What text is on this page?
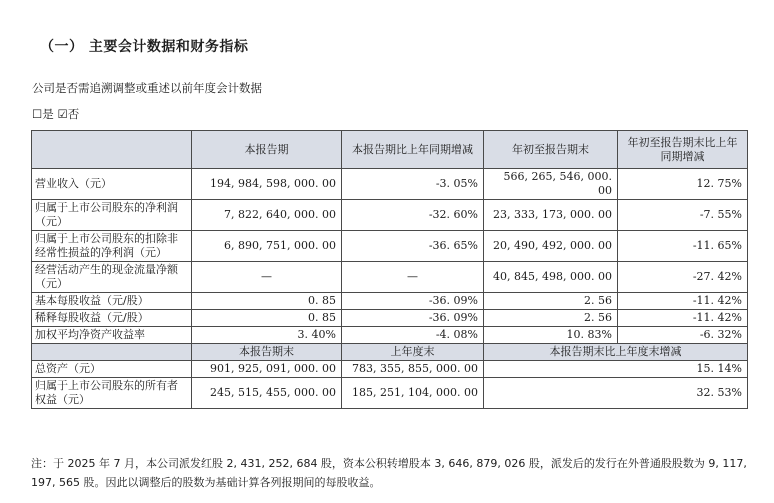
（一） 主要会计数据和财务指标
公司是否需追溯调整或重述以前年度会计数据
☐是 ☑否
	本报告期	本报告期比上年同期增减	年初至报告期末	年初至报告期末比上年同期增减
营业收入（元）	194, 984, 598, 000. 00	-3. 05%	566, 265, 546, 000. 00	12. 75%
归属于上市公司股东的净利润（元）	7, 822, 640, 000. 00	-32. 60%	23, 333, 173, 000. 00	-7. 55%
归属于上市公司股东的扣除非经常性损益的净利润（元）	6, 890, 751, 000. 00	-36. 65%	20, 490, 492, 000. 00	-11. 65%
经营活动产生的现金流量净额（元）	—	—	40, 845, 498, 000. 00	-27. 42%
基本每股收益（元/股）	0. 85	-36. 09%	2. 56	-11. 42%
稀释每股收益（元/股）	0. 85	-36. 09%	2. 56	-11. 42%
加权平均净资产收益率	3. 40%	-4. 08%	10. 83%	-6. 32%
	本报告期末	上年度末	本报告期末比上年度末增减	
总资产（元）	901, 925, 091, 000. 00	783, 355, 855, 000. 00	15. 14%	
归属于上市公司股东的所有者权益（元）	245, 515, 455, 000. 00	185, 251, 104, 000. 00	32. 53%	
注：于 2025 年 7 月，本公司派发红股 2, 431, 252, 684 股，资本公积转增股本 3, 646, 879, 026 股，派发后的发行在外普通股股数为 9, 117, 197, 565 股。因此以调整后的股数为基础计算各列报期间的每股收益。
